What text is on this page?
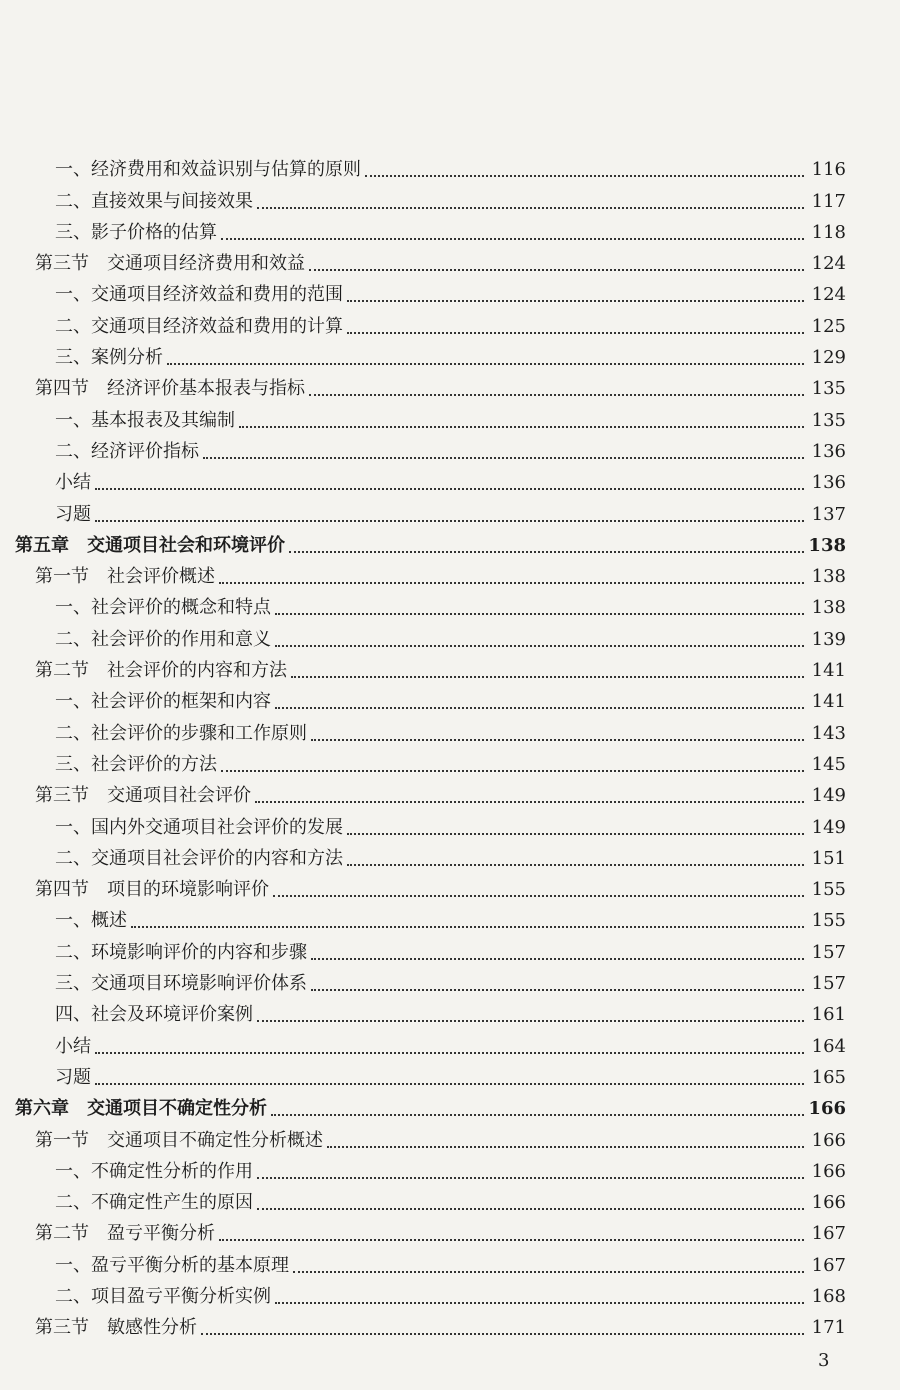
一、经济费用和效益识别与估算的原则	116
二、直接效果与间接效果	117
三、影子价格的估算	118
第三节　交通项目经济费用和效益	124
一、交通项目经济效益和费用的范围	124
二、交通项目经济效益和费用的计算	125
三、案例分析	129
第四节　经济评价基本报表与指标	135
一、基本报表及其编制	135
二、经济评价指标	136
小结	136
习题	137
第五章　交通项目社会和环境评价	138
第一节　社会评价概述	138
一、社会评价的概念和特点	138
二、社会评价的作用和意义	139
第二节　社会评价的内容和方法	141
一、社会评价的框架和内容	141
二、社会评价的步骤和工作原则	143
三、社会评价的方法	145
第三节　交通项目社会评价	149
一、国内外交通项目社会评价的发展	149
二、交通项目社会评价的内容和方法	151
第四节　项目的环境影响评价	155
一、概述	155
二、环境影响评价的内容和步骤	157
三、交通项目环境影响评价体系	157
四、社会及环境评价案例	161
小结	164
习题	165
第六章　交通项目不确定性分析	166
第一节　交通项目不确定性分析概述	166
一、不确定性分析的作用	166
二、不确定性产生的原因	166
第二节　盈亏平衡分析	167
一、盈亏平衡分析的基本原理	167
二、项目盈亏平衡分析实例	168
第三节　敏感性分析	171
3
